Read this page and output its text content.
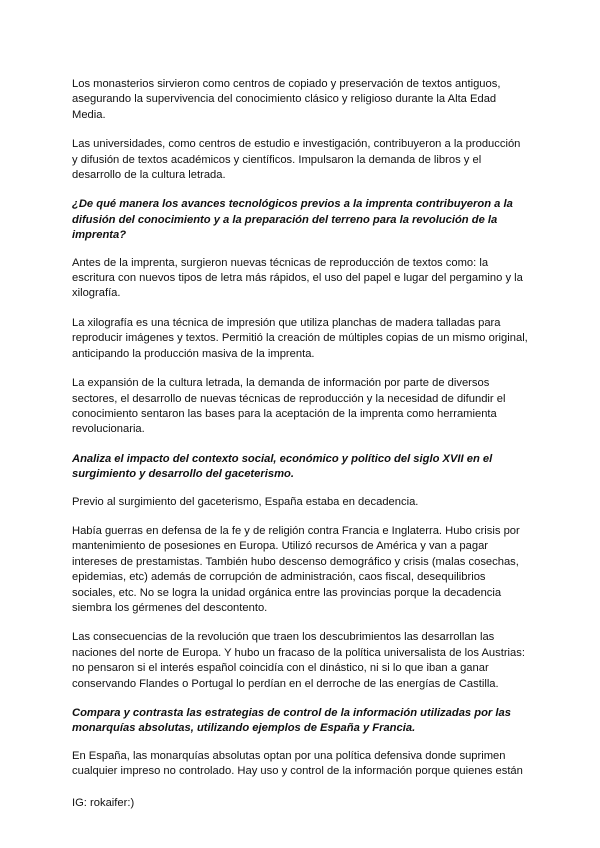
Los monasterios sirvieron como centros de copiado y preservación de textos antiguos, asegurando la supervivencia del conocimiento clásico y religioso durante la Alta Edad Media.

Las universidades, como centros de estudio e investigación, contribuyeron a la producción y difusión de textos académicos y científicos. Impulsaron la demanda de libros y el desarrollo de la cultura letrada.

¿De qué manera los avances tecnológicos previos a la imprenta contribuyeron a la difusión del conocimiento y a la preparación del terreno para la revolución de la imprenta?

Antes de la imprenta, surgieron nuevas técnicas de reproducción de textos como: la escritura con nuevos tipos de letra más rápidos, el uso del papel e lugar del pergamino y la xilografía.

La xilografía es una técnica de impresión que utiliza planchas de madera talladas para reproducir imágenes y textos. Permitió la creación de múltiples copias de un mismo original, anticipando la producción masiva de la imprenta.

La expansión de la cultura letrada, la demanda de información por parte de diversos sectores, el desarrollo de nuevas técnicas de reproducción y la necesidad de difundir el conocimiento sentaron las bases para la aceptación de la imprenta como herramienta revolucionaria.

Analiza el impacto del contexto social, económico y político del siglo XVII en el surgimiento y desarrollo del gaceterismo.

Previo al surgimiento del gaceterismo, España estaba en decadencia.

Había guerras en defensa de la fe y de religión contra Francia e Inglaterra. Hubo crisis por mantenimiento de posesiones en Europa. Utilizó recursos de América y van a pagar intereses de prestamistas. También hubo descenso demográfico y crisis (malas cosechas, epidemias, etc) además de corrupción de administración, caos fiscal, desequilibrios sociales, etc. No se logra la unidad orgánica entre las provincias porque la decadencia siembra los gérmenes del descontento.

Las consecuencias de la revolución que traen los descubrimientos las desarrollan las naciones del norte de Europa. Y hubo un fracaso de la política universalista de los Austrias: no pensaron si el interés español coincidía con el dinástico, ni si lo que iban a ganar conservando Flandes o Portugal lo perdían en el derroche de las energías de Castilla.

Compara y contrasta las estrategias de control de la información utilizadas por las monarquías absolutas, utilizando ejemplos de España y Francia.

En España, las monarquías absolutas optan por una política defensiva donde suprimen cualquier impreso no controlado. Hay uso y control de la información porque quienes están

IG: rokaifer:)
